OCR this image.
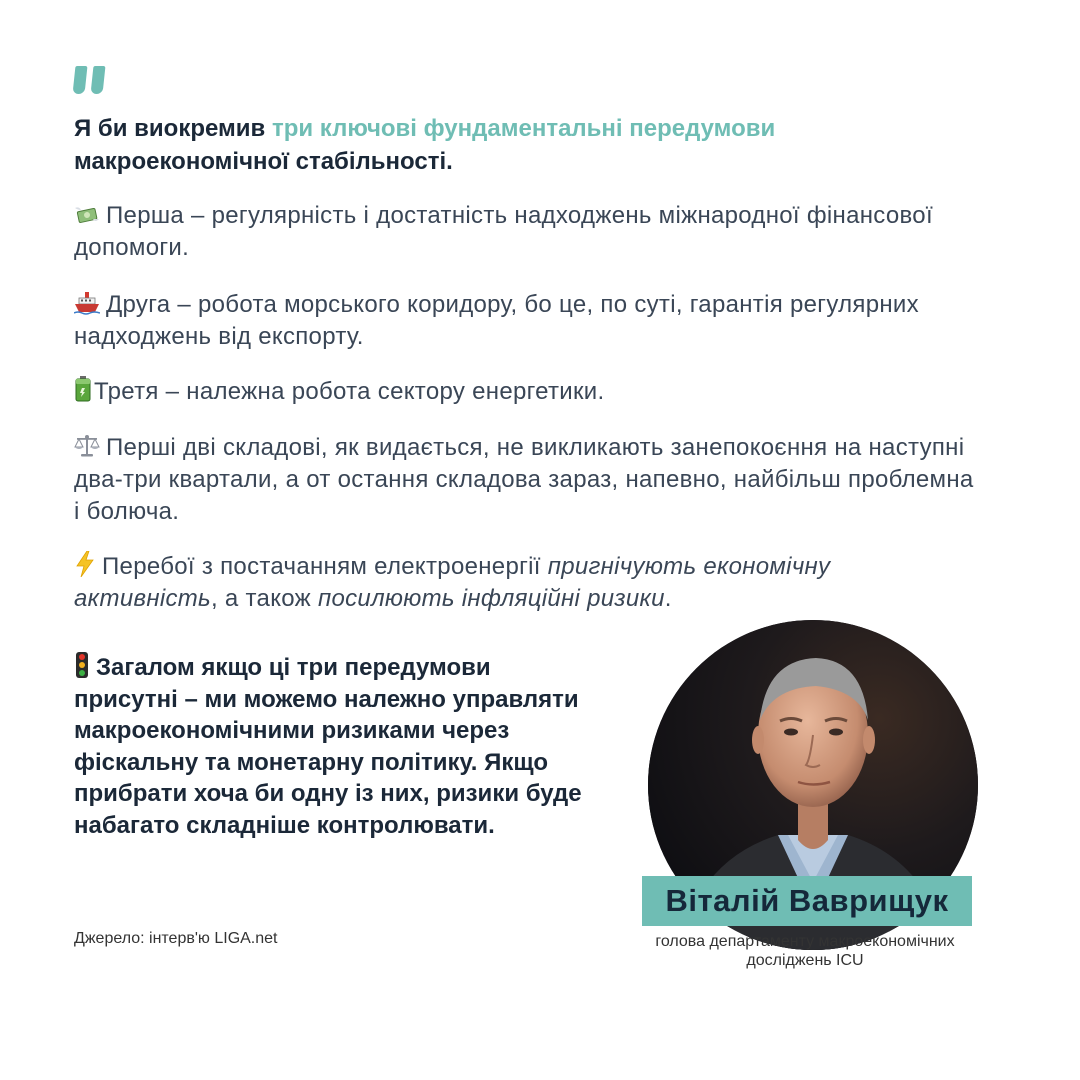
Я би виокремив три ключові фундаментальні передумови макроекономічної стабільності.
Перша – регулярність і достатність надходжень міжнародної фінансової допомоги.
Друга – робота морського коридору, бо це, по суті, гарантія регулярних надходжень від експорту.
Третя – належна робота сектору енергетики.
Перші дві складові, як видається, не викликають занепокоєння на наступні два-три квартали, а от остання складова зараз, напевно, найбільш проблемна і болюча.
Перебої з постачанням електроенергії пригнічують економічну активність, а також посилюють інфляційні ризики.
Загалом якщо ці три передумови присутні – ми можемо належно управляти макроекономічними ризиками через фіскальну та монетарну політику. Якщо прибрати хоча би одну із них, ризики буде набагато складніше контролювати.
Джерело: інтерв'ю LIGA.net
Віталій Ваврищук
голова департаменту макроекономічних
досліджень ICU
